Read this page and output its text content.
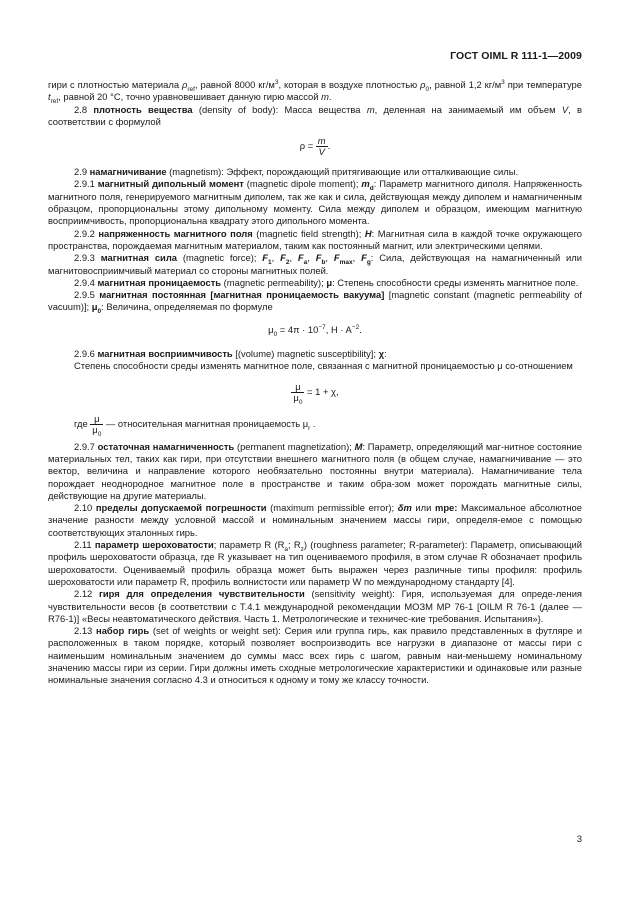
ГОСТ OIML R 111-1—2009

гири с плотностью материала $\rho_{ref}$, равной 8000 $кг/м^3$, которая в воздухе плотностью $\rho_0$, равной 1,2 $кг/м^3$ при температуре $t_{ref}$, равной 20 °С, точно уравновешивает данную гирю массой m.

2.8 плотность вещества (density of body): Масса вещества m, деленная на занимаемый им объем V, в соответствии с формулой

$\rho = \frac{m}{V}$ .

2.9 намагничивание (magnetism): Эффект, порождающий притягивающие или отталкивающие силы.

2.9.1 магнитный дипольный момент (magnetic dipole moment); $m_d$: Параметр магнитного диполя. Напряженность магнитного поля, генерируемого магнитным диполем, так же как и сила, действующая между диполем и намагниченным образцом, пропорциональны этому дипольному моменту. Сила между диполем и образцом, имеющим магнитную восприимчивость, пропорциональна квадрату этого дипольного момента.

2.9.2 напряженность магнитного поля (magnetic field strength); H: Магнитная сила в каждой точке окружающего пространства, порождаемая магнитным материалом, таким как постоянный магнит, или электрическими цепями.

2.9.3 магнитная сила (magnetic force); $F_1$, $F_2$, $F_a$, $F_b$, $F_{max}$, $F_g$: Сила, действующая на намагниченный или магнитовосприимчивый материал со стороны магнитных полей.

2.9.4 магнитная проницаемость (magnetic permeability); μ: Степень способности среды изменять магнитное поле.

2.9.5 магнитная постоянная [магнитная проницаемость вакуума] [magnetic constant (magnetic permeability of vacuum)]; $\mu_0$: Величина, определяемая по формуле

$\mu_0 = 4\pi \cdot 10^{-7}$, $H \cdot A^{-2}$.

2.9.6 магнитная восприимчивость [(volume) magnetic susceptibility]; χ:

Степень способности среды изменять магнитное поле, связанная с магнитной проницаемостью μ со-отношением

$\frac{\mu}{\mu_0} = 1 + \chi$,

где $\frac{\mu}{\mu_0}$ — относительная магнитная проницаемость $\mu_r$ .

2.9.7 остаточная намагниченность (permanent magnetization); M: Параметр, определяющий маг-нитное состояние материальных тел, таких как гири, при отсутствии внешнего магнитного поля (в общем случае, намагничивание — это вектор, величина и направление которого необязательно постоянны внутри материала). Намагничивание тела порождает неоднородное магнитное поле в пространстве и таким обра-зом может порождать магнитные силы, действующие на другие материалы.

2.10 пределы допускаемой погрешности (maximum permissible error); δm или mpe: Максимальное абсолютное значение разности между условной массой и номинальным значением массы гири, определя-емое с помощью соответствующих эталонных гирь.

2.11 параметр шероховатости; параметр R ($R_a$; $R_z$) (roughness parameter; R-parameter): Параметр, описывающий профиль шероховатости образца, где R указывает на тип оцениваемого профиля, в этом случае R обозначает профиль шероховатости. Оцениваемый профиль образца может быть выражен через различные типы профиля: профиль шероховатости или параметр R, профиль волнистости или параметр W по международному стандарту [4].

2.12 гиря для определения чувствительности (sensitivity weight): Гиря, используемая для опреде-ления чувствительности весов {в соответствии с Т.4.1 международной рекомендации МОЗМ МР 76-1 [OILM R 76-1 (далее — R76-1)] «Весы неавтоматического действия. Часть 1. Метрологические и техничес-кие требования. Испытания»}.

2.13 набор гирь (set of weights or weight set): Серия или группа гирь, как правило представленных в футляре и расположенных в таком порядке, который позволяет воспроизводить все нагрузки в диапазоне от массы гири с наименьшим номинальным значением до суммы масс всех гирь с шагом, равным наи-меньшему номинальному значению массы гири из серии. Гири должны иметь сходные метрологические характеристики и одинаковые или разные номинальные значения согласно 4.3 и относиться к одному и тому же классу точности.

3
